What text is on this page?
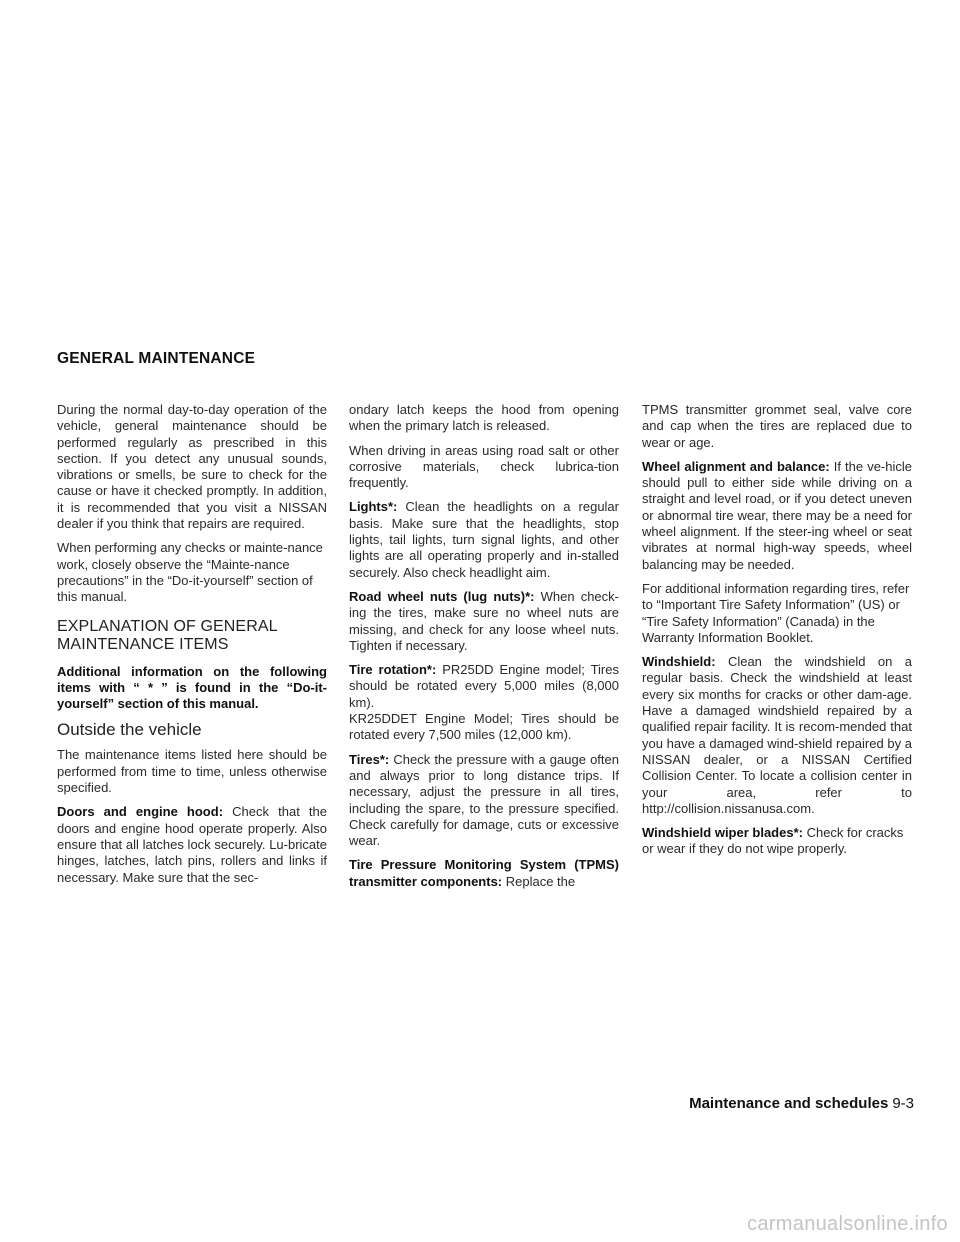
GENERAL MAINTENANCE

During the normal day-to-day operation of the vehicle, general maintenance should be performed regularly as prescribed in this section. If you detect any unusual sounds, vibrations or smells, be sure to check for the cause or have it checked promptly. In addition, it is recommended that you visit a NISSAN dealer if you think that repairs are required.

When performing any checks or mainte-nance work, closely observe the “Mainte-nance precautions” in the “Do-it-yourself” section of this manual.

EXPLANATION OF GENERAL MAINTENANCE ITEMS

Additional information on the following items with “ * ” is found in the “Do-it-yourself” section of this manual.

Outside the vehicle

The maintenance items listed here should be performed from time to time, unless otherwise specified.

Doors and engine hood: Check that the doors and engine hood operate properly. Also ensure that all latches lock securely. Lu-bricate hinges, latches, latch pins, rollers and links if necessary. Make sure that the sec-

ondary latch keeps the hood from opening when the primary latch is released.

When driving in areas using road salt or other corrosive materials, check lubrica-tion frequently.

Lights*: Clean the headlights on a regular basis. Make sure that the headlights, stop lights, tail lights, turn signal lights, and other lights are all operating properly and in-stalled securely. Also check headlight aim.

Road wheel nuts (lug nuts)*: When check-ing the tires, make sure no wheel nuts are missing, and check for any loose wheel nuts. Tighten if necessary.

Tire rotation*: PR25DD Engine model; Tires should be rotated every 5,000 miles (8,000 km).

KR25DDET Engine Model; Tires should be rotated every 7,500 miles (12,000 km).

Tires*: Check the pressure with a gauge often and always prior to long distance trips. If necessary, adjust the pressure in all tires, including the spare, to the pressure specified. Check carefully for damage, cuts or excessive wear.

Tire Pressure Monitoring System (TPMS) transmitter components: Replace the

TPMS transmitter grommet seal, valve core and cap when the tires are replaced due to wear or age.

Wheel alignment and balance: If the ve-hicle should pull to either side while driving on a straight and level road, or if you detect uneven or abnormal tire wear, there may be a need for wheel alignment. If the steer-ing wheel or seat vibrates at normal high-way speeds, wheel balancing may be needed.

For additional information regarding tires, refer to “Important Tire Safety Information” (US) or “Tire Safety Information” (Canada) in the Warranty Information Booklet.

Windshield: Clean the windshield on a regular basis. Check the windshield at least every six months for cracks or other dam-age. Have a damaged windshield repaired by a qualified repair facility. It is recom-mended that you have a damaged wind-shield repaired by a NISSAN dealer, or a NISSAN Certified Collision Center. To locate a collision center in your area, refer to http://collision.nissanusa.com.

Windshield wiper blades*: Check for cracks or wear if they do not wipe properly.

Maintenance and schedules 9-3
carmanualsonline.info
